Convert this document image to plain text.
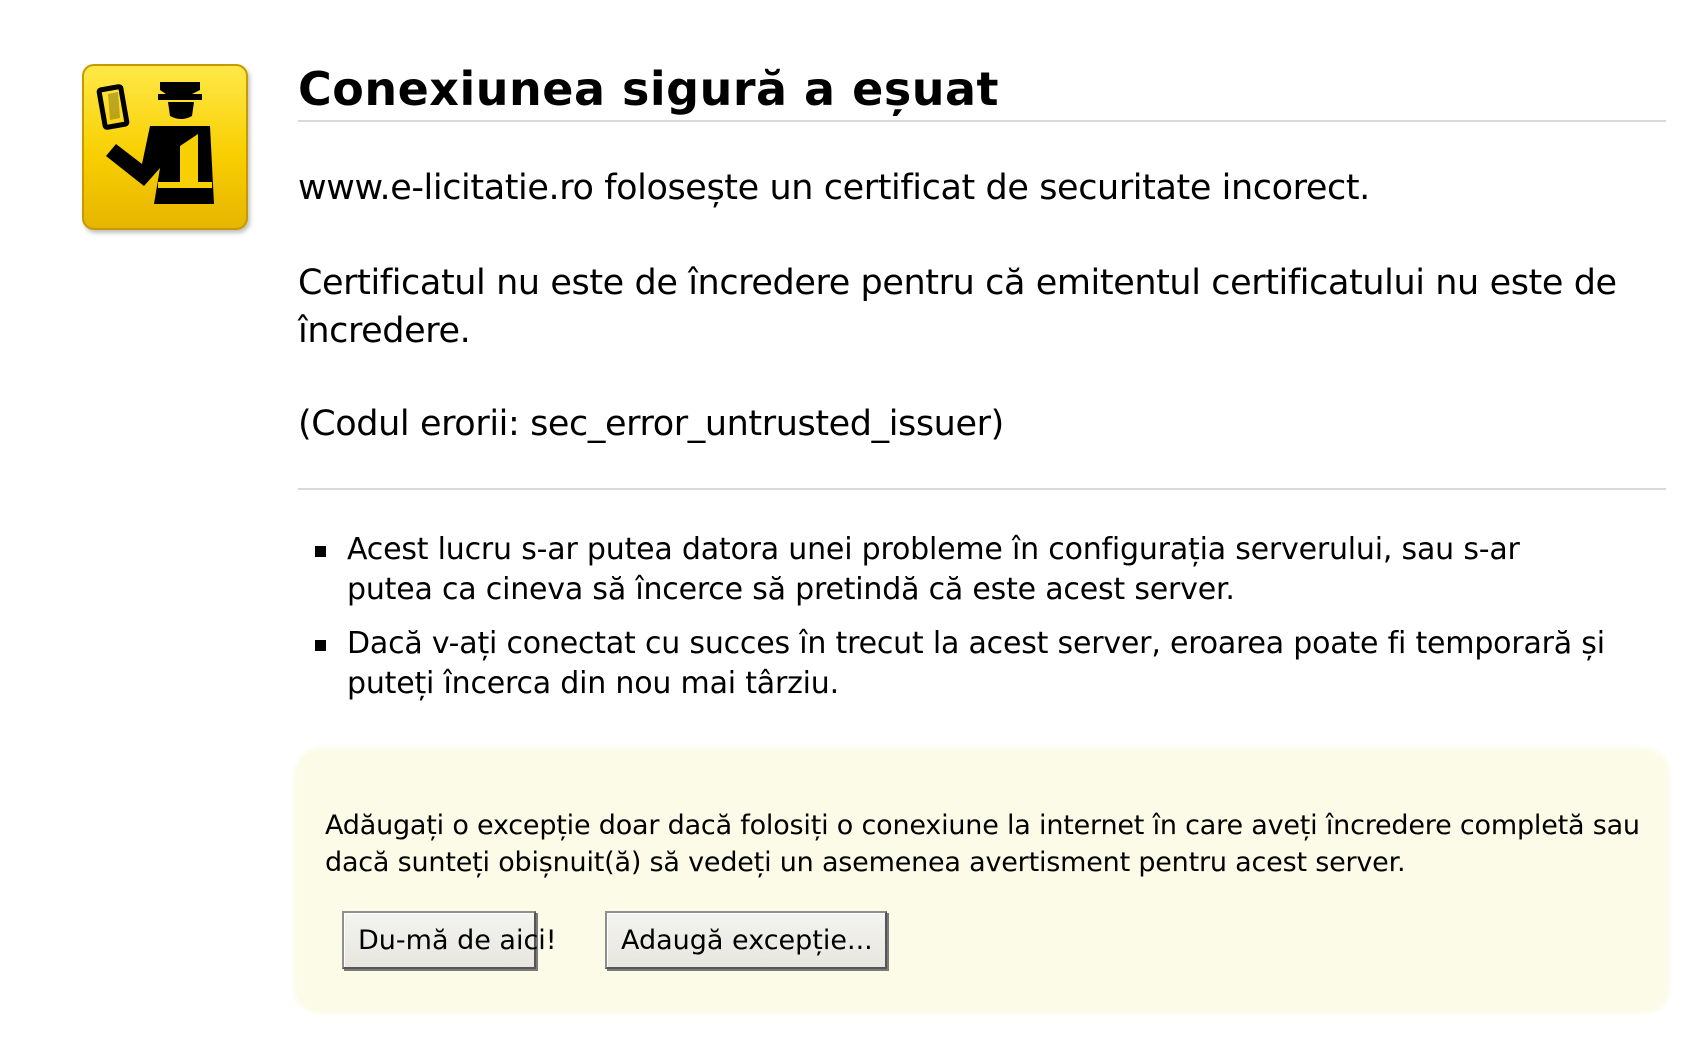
Conexiunea sigură a eșuat

www.e-licitatie.ro folosește un certificat de securitate incorect.

Certificatul nu este de încredere pentru că emitentul certificatului nu este de încredere.

(Codul erorii: sec_error_untrusted_issuer)

Acest lucru s-ar putea datora unei probleme în configurația serverului, sau s-ar putea ca cineva să încerce să pretindă că este acest server.
Dacă v-ați conectat cu succes în trecut la acest server, eroarea poate fi temporară și puteți încerca din nou mai târziu.

Adăugați o excepție doar dacă folosiți o conexiune la internet în care aveți încredere completă sau dacă sunteți obișnuit(ă) să vedeți un asemenea avertisment pentru acest server.

Du-mă de aici!	Adaugă excepție...
